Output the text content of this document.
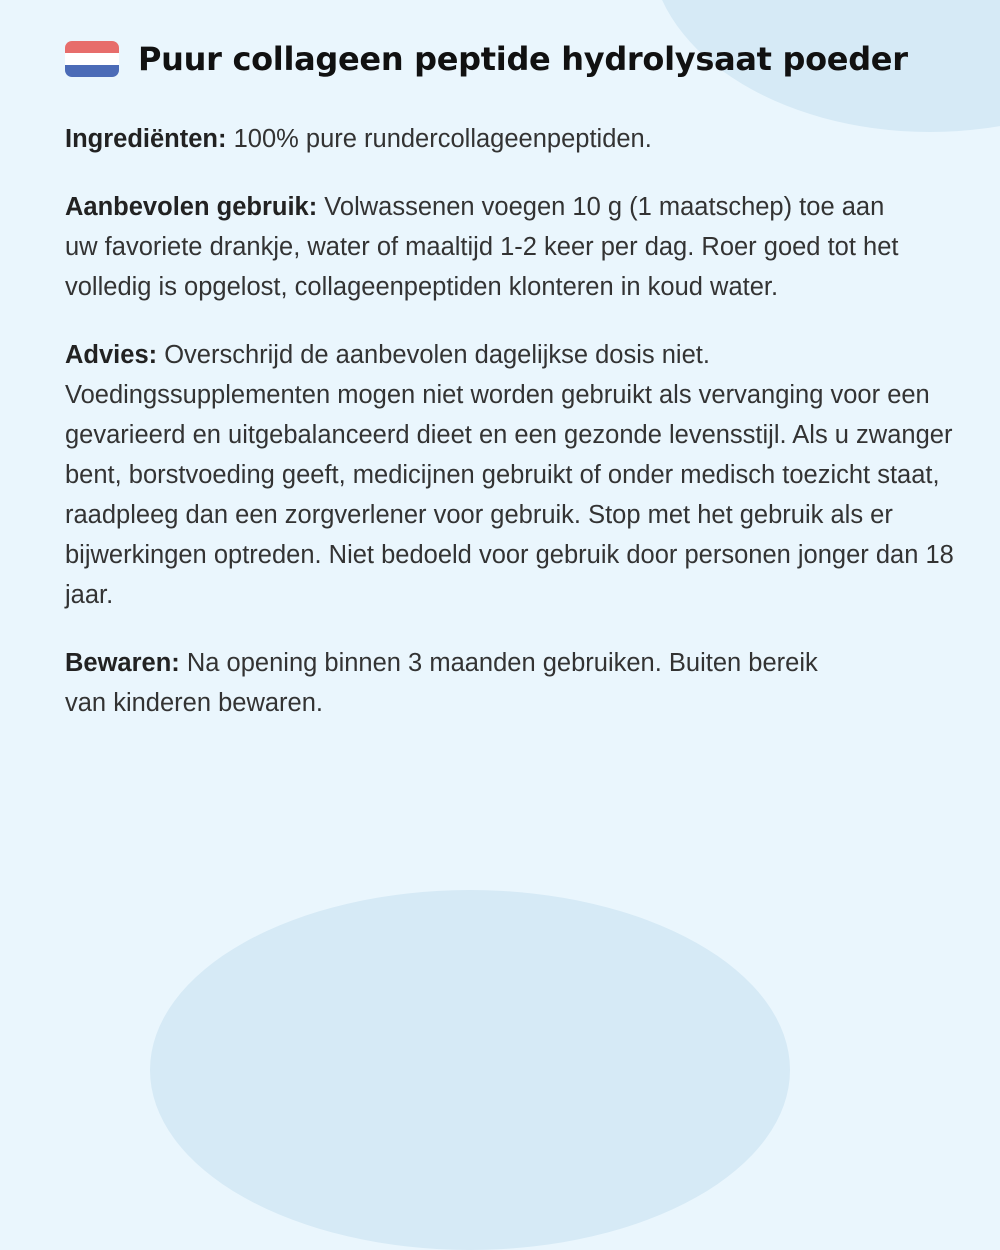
Puur collageen peptide hydrolysaat poeder

Ingrediënten: 100% pure rundercollageenpeptiden.

Aanbevolen gebruik: Volwassenen voegen 10 g (1 maatschep) toe aan uw favoriete drankje, water of maaltijd 1-2 keer per dag. Roer goed tot het volledig is opgelost, collageenpeptiden klonteren in koud water.

Advies: Overschrijd de aanbevolen dagelijkse dosis niet. Voedingssupplementen mogen niet worden gebruikt als vervanging voor een gevarieerd en uitgebalanceerd dieet en een gezonde levensstijl. Als u zwanger bent, borstvoeding geeft, medicijnen gebruikt of onder medisch toezicht staat, raadpleeg dan een zorgverlener voor gebruik. Stop met het gebruik als er bijwerkingen optreden. Niet bedoeld voor gebruik door personen jonger dan 18 jaar.

Bewaren: Na opening binnen 3 maanden gebruiken. Buiten bereik van kinderen bewaren.
